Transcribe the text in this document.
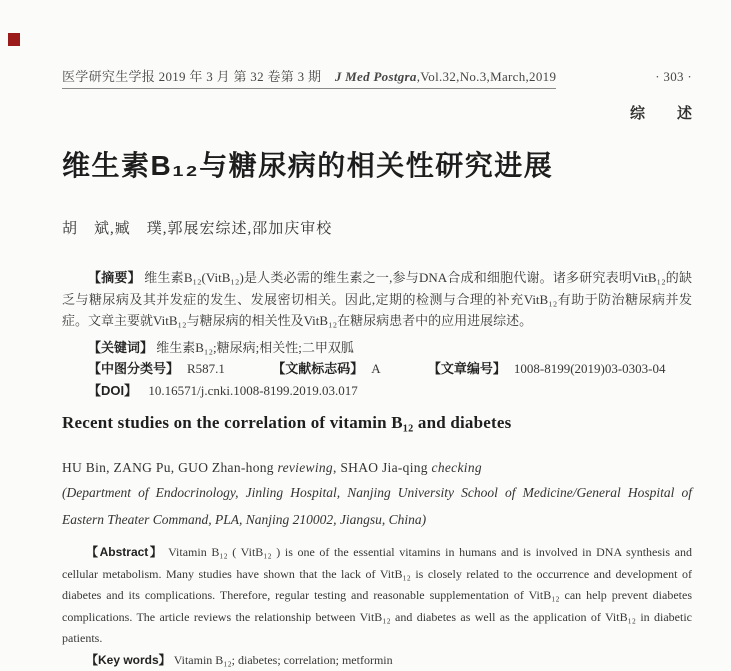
医学研究生学报 2019 年 3 月 第 32 卷第 3 期 J Med Postgra,Vol.32,No.3,March,2019	· 303 ·
综 述
维生素B₁₂与糖尿病的相关性研究进展
胡　斌,臧　璞,郭展宏综述,邵加庆审校

【摘要】 维生素B₁₂(VitB₁₂)是人类必需的维生素之一,参与DNA合成和细胞代谢。诸多研究表明VitB₁₂的缺乏与糖尿病及其并发症的发生、发展密切相关。因此,定期的检测与合理的补充VitB₁₂有助于防治糖尿病并发症。文章主要就VitB₁₂与糖尿病的相关性及VitB₁₂在糖尿病患者中的应用进展综述。

【关键词】 维生素B₁₂;糖尿病;相关性;二甲双胍

【中图分类号】 R587.1	【文献标志码】 A	【文章编号】 1008-8199(2019)03-0303-04

【DOI】 10.16571/j.cnki.1008-8199.2019.03.017

Recent studies on the correlation of vitamin B₁₂ and diabetes
HU Bin, ZANG Pu, GUO Zhan-hong reviewing, SHAO Jia-qing checking
(Department of Endocrinology, Jinling Hospital, Nanjing University School of Medicine/General Hospital of Eastern Theater Command, PLA, Nanjing 210002, Jiangsu, China)

【Abstract】 Vitamin B₁₂ ( VitB₁₂ ) is one of the essential vitamins in humans and is involved in DNA synthesis and cellular metabolism. Many studies have shown that the lack of VitB₁₂ is closely related to the occurrence and development of diabetes and its complications. Therefore, regular testing and reasonable supplementation of VitB₁₂ can help prevent diabetes complications. The article reviews the relationship between VitB₁₂ and diabetes as well as the application of VitB₁₂ in diabetic patients.

【Key words】 Vitamin B₁₂; diabetes; correlation; metformin
